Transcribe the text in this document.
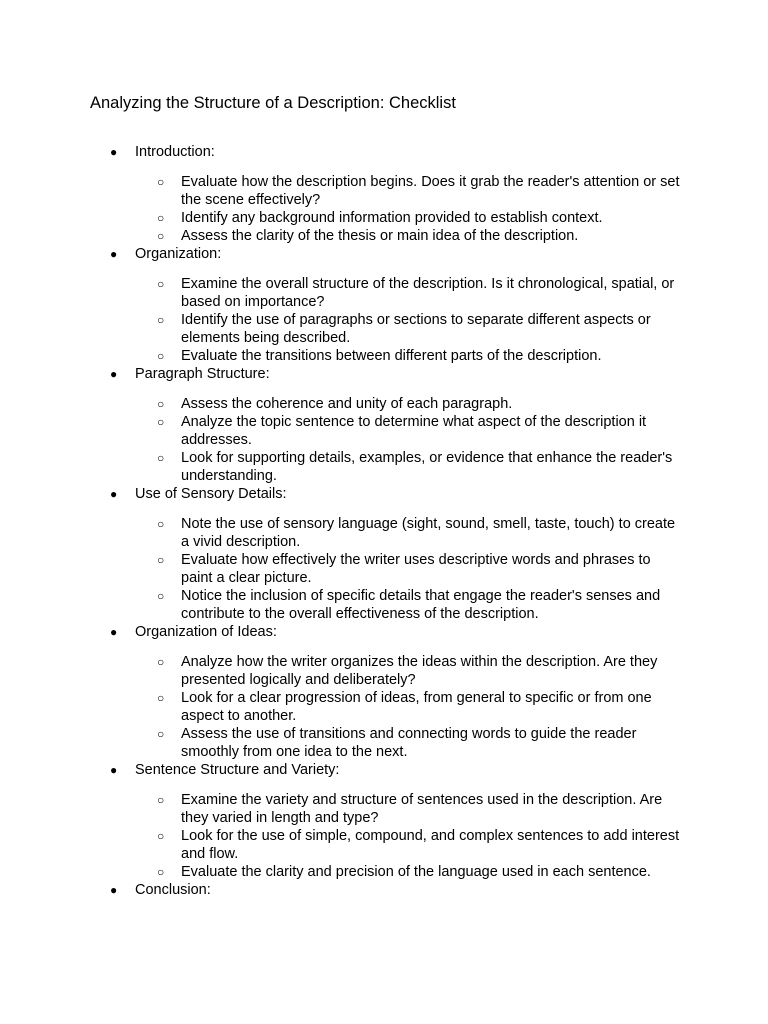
Analyzing the Structure of a Description: Checklist
● Introduction:
○ Evaluate how the description begins. Does it grab the reader's attention or set the scene effectively?
○ Identify any background information provided to establish context.
○ Assess the clarity of the thesis or main idea of the description.
● Organization:
○ Examine the overall structure of the description. Is it chronological, spatial, or based on importance?
○ Identify the use of paragraphs or sections to separate different aspects or elements being described.
○ Evaluate the transitions between different parts of the description.
● Paragraph Structure:
○ Assess the coherence and unity of each paragraph.
○ Analyze the topic sentence to determine what aspect of the description it addresses.
○ Look for supporting details, examples, or evidence that enhance the reader's understanding.
● Use of Sensory Details:
○ Note the use of sensory language (sight, sound, smell, taste, touch) to create a vivid description.
○ Evaluate how effectively the writer uses descriptive words and phrases to paint a clear picture.
○ Notice the inclusion of specific details that engage the reader's senses and contribute to the overall effectiveness of the description.
● Organization of Ideas:
○ Analyze how the writer organizes the ideas within the description. Are they presented logically and deliberately?
○ Look for a clear progression of ideas, from general to specific or from one aspect to another.
○ Assess the use of transitions and connecting words to guide the reader smoothly from one idea to the next.
● Sentence Structure and Variety:
○ Examine the variety and structure of sentences used in the description. Are they varied in length and type?
○ Look for the use of simple, compound, and complex sentences to add interest and flow.
○ Evaluate the clarity and precision of the language used in each sentence.
● Conclusion:
